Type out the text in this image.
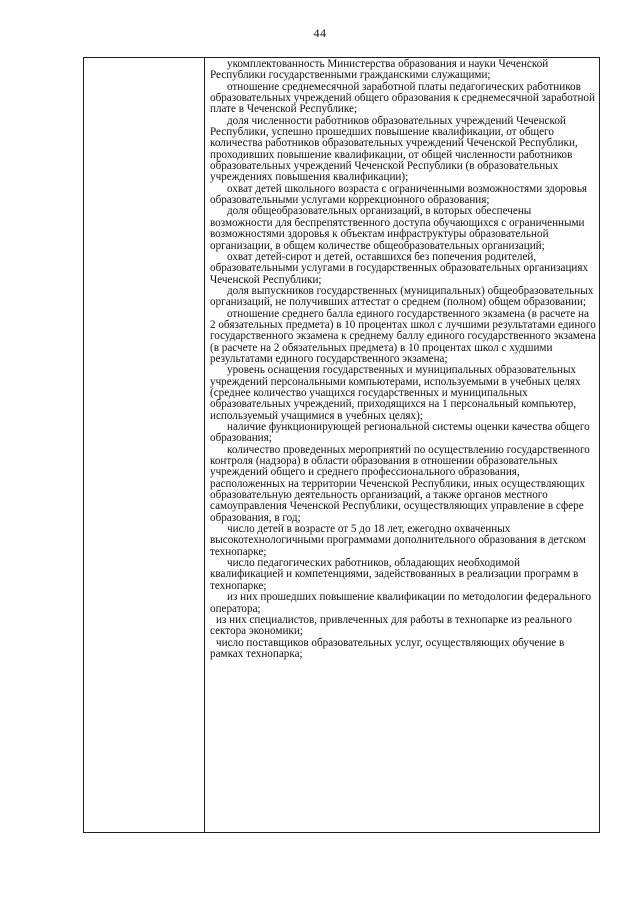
44

укомплектованность Министерства образования и науки Чеченской Республики государственными гражданскими служащими;

отношение среднемесячной заработной платы педагогических работников образовательных учреждений общего образования к среднемесячной заработной плате в Чеченской Республике;

доля численности работников образовательных учреждений Чеченской Республики, успешно прошедших повышение квалификации, от общего количества работников образовательных учреждений Чеченской Республики, проходивших повышение квалификации, от общей численности работников образовательных учреждений Чеченской Республики (в образовательных учреждениях повышения квалификации);

охват детей школьного возраста с ограниченными возможностями здоровья образовательными услугами коррекционного образования;

доля общеобразовательных организаций, в которых обеспечены возможности для беспрепятственного доступа обучающихся с ограниченными возможностями здоровья к объектам инфраструктуры образовательной организации, в общем количестве общеобразовательных организаций;

охват детей-сирот и детей, оставшихся без попечения родителей, образовательными услугами в государственных образовательных организациях Чеченской Республики;

доля выпускников государственных (муниципальных) общеобразовательных организаций, не получивших аттестат о среднем (полном) общем образовании;

отношение среднего балла единого государственного экзамена (в расчете на 2 обязательных предмета) в 10 процентах школ с лучшими результатами единого государственного экзамена к среднему баллу единого государственного экзамена (в расчете на 2 обязательных предмета) в 10 процентах школ с худшими результатами единого государственного экзамена;

уровень оснащения государственных и муниципальных образовательных учреждений персональными компьютерами, используемыми в учебных целях (среднее количество учащихся государственных и муниципальных образовательных учреждений, приходящихся на 1 персональный компьютер, используемый учащимися в учебных целях);

наличие функционирующей региональной системы оценки качества общего образования;

количество проведенных мероприятий по осуществлению государственного контроля (надзора) в области образования в отношении образовательных учреждений общего и среднего профессионального образования, расположенных на территории Чеченской Республики, иных осуществляющих образовательную деятельность организаций, а также органов местного самоуправления Чеченской Республики, осуществляющих управление в сфере образования, в год;

число детей в возрасте от 5 до 18 лет, ежегодно охваченных высокотехнологичными программами дополнительного образования в детском технопарке;

число педагогических работников, обладающих необходимой квалификацией и компетенциями, задействованных в реализации программ в технопарке;

из них прошедших повышение квалификации по методологии федерального оператора;

из них специалистов, привлеченных для работы в технопарке из реального сектора экономики;

число поставщиков образовательных услуг, осуществляющих обучение в рамках технопарка;
